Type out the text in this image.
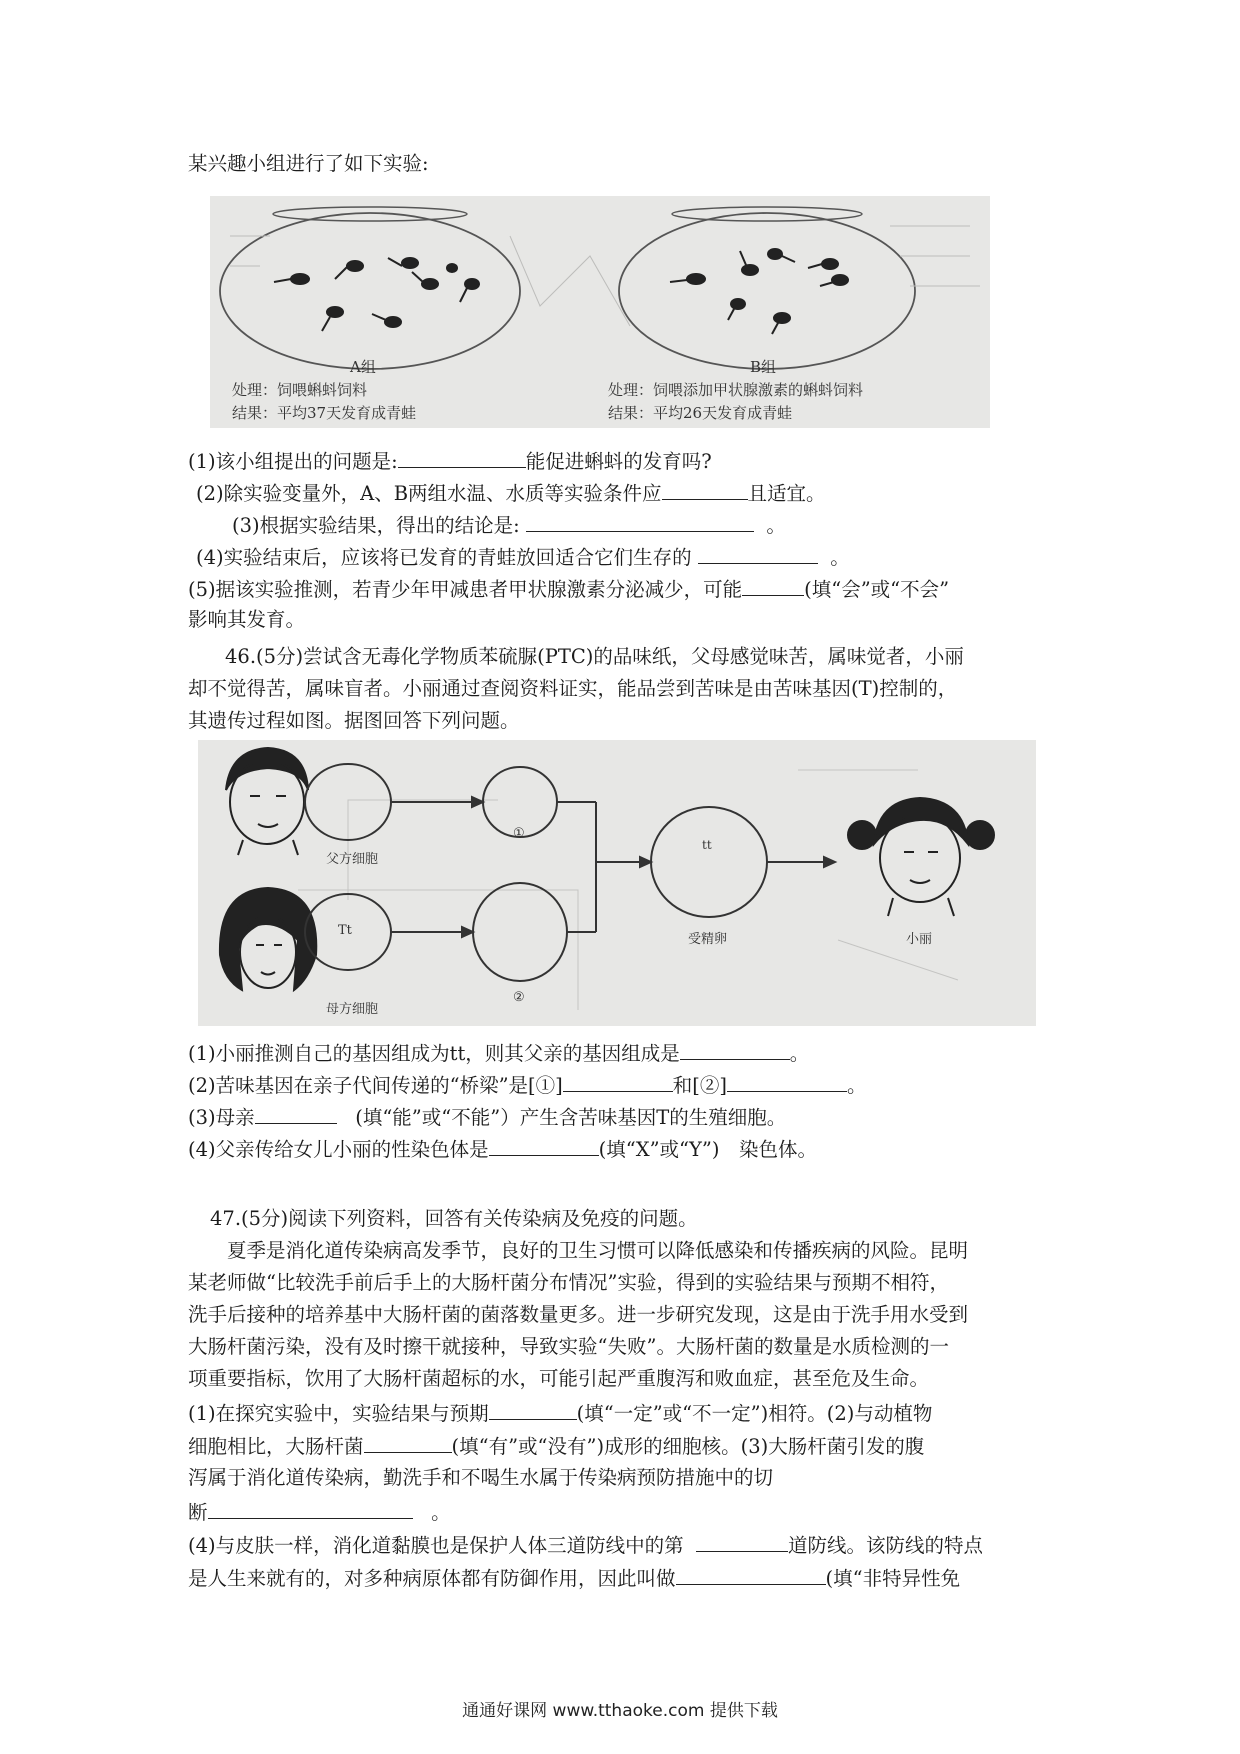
某兴趣小组进行了如下实验:
A组	B组
处理：饲喂蝌蚪饲料
结果：平均37天发育成青蛙
处理：饲喂添加甲状腺激素的蝌蚪饲料
结果：平均26天发育成青蛙
(1)该小组提出的问题是:	能促进蝌蚪的发育吗?
(2)除实验变量外，A、B两组水温、水质等实验条件应	且适宜。
(3)根据实验结果，得出的结论是:	。
(4)实验结束后，应该将已发育的青蛙放回适合它们生存的	。
(5)据该实验推测，若青少年甲减患者甲状腺激素分泌减少，可能	(填“会”或“不会”
影响其发育。
46.(5分)尝试含无毒化学物质苯硫脲(PTC)的品味纸，父母感觉味苦，属味觉者，小丽
却不觉得苦，属味盲者。小丽通过查阅资料证实，能品尝到苦味是由苦味基因(T)控制的，
其遗传过程如图。据图回答下列问题。
父方细胞
Tt
母方细胞
①
②
tt
受精卵	小丽
(1)小丽推测自己的基因组成为tt，则其父亲的基因组成是	。
(2)苦味基因在亲子代间传递的“桥梁”是[①]	和[②]	。
(3)母亲	(填“能”或“不能”）产生含苦味基因T的生殖细胞。
(4)父亲传给女儿小丽的性染色体是	(填“X”或“Y”)　染色体。
47.(5分)阅读下列资料，回答有关传染病及免疫的问题。
夏季是消化道传染病高发季节，良好的卫生习惯可以降低感染和传播疾病的风险。昆明
某老师做“比较洗手前后手上的大肠杆菌分布情况”实验，得到的实验结果与预期不相符，
洗手后接种的培养基中大肠杆菌的菌落数量更多。进一步研究发现，这是由于洗手用水受到
大肠杆菌污染，没有及时擦干就接种，导致实验“失败”。大肠杆菌的数量是水质检测的一
项重要指标，饮用了大肠杆菌超标的水，可能引起严重腹泻和败血症，甚至危及生命。
(1)在探究实验中，实验结果与预期	(填“一定”或“不一定”)相符。(2)与动植物
细胞相比，大肠杆菌	(填“有”或“没有”)成形的细胞核。(3)大肠杆菌引发的腹
泻属于消化道传染病，勤洗手和不喝生水属于传染病预防措施中的切
断	。
(4)与皮肤一样，消化道黏膜也是保护人体三道防线中的第	道防线。该防线的特点
是人生来就有的，对多种病原体都有防御作用，因此叫做	(填“非特异性免
通通好课网 www.tthaoke.com 提供下载
